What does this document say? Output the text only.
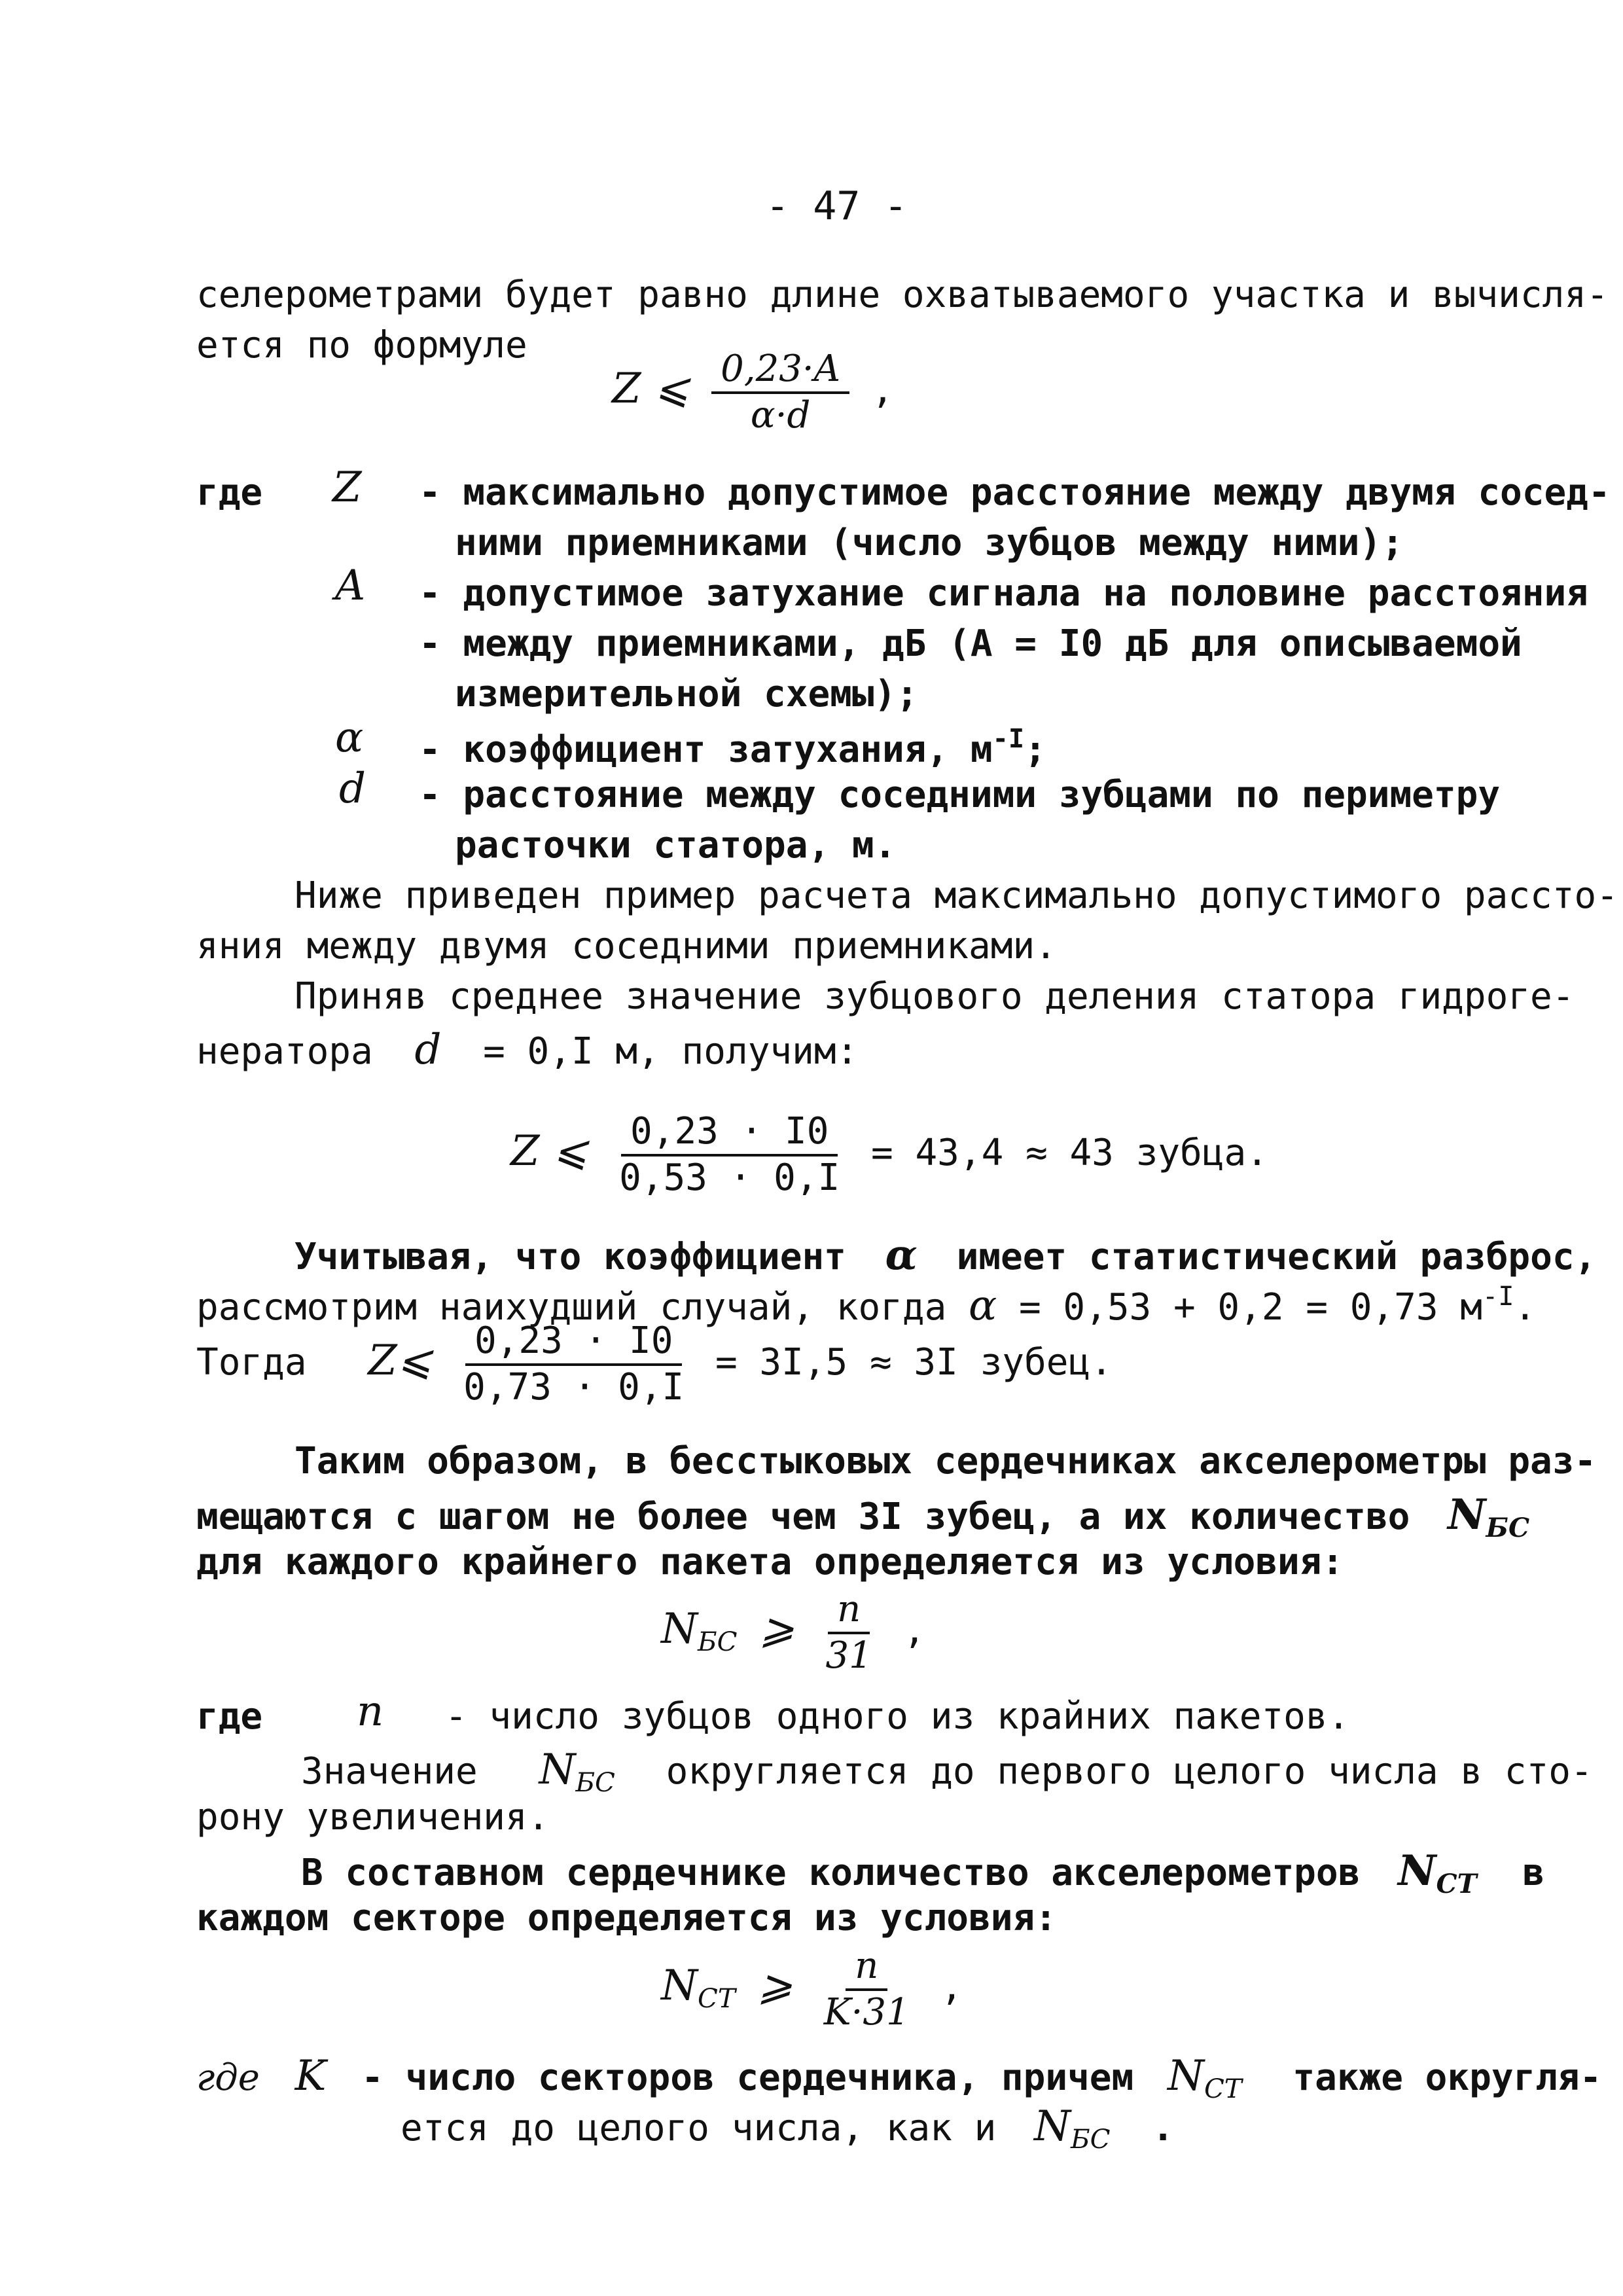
- 47 -
селерометрами будет равно длине охватываемого участка и вычисля-
ется по формуле
Z ⩽ $\frac{0,23\cdot A}{\alpha\cdot d}$ ,
где Z - максимально допустимое расстояние между двумя сосед-
ними приемниками (число зубцов между ними);
A - допустимое затухание сигнала на половине расстояния
- между приемниками, дБ (A = I0 дБ для описываемой
измерительной схемы);
α - коэффициент затухания, $м^{-I}$;
d - расстояние между соседними зубцами по периметру
расточки статора, м.
Ниже приведен пример расчета максимально допустимого рассто-
яния между двумя соседними приемниками.
Приняв среднее значение зубцового деления статора гидроге-
нератора d = 0,I м, получим:
Z ⩽ $\frac{0,23 \cdot I0}{0,53 \cdot 0,I} = 43,4 \approx 43$ зубца.
Учитывая, что коэффициент α имеет статистический разброс,
рассмотрим наихудший случай, когда α = 0,53 + 0,2 = 0,73 $м^{-I}$.
Тогда Z⩽ $\frac{0,23 \cdot I0}{0,73 \cdot 0,I} = 3I,5 \approx 3I$ зубец.
Таким образом, в бесстыковых сердечниках акселерометры раз-
мещаются с шагом не более чем 3I зубец, а их количество $N_{БС}$
для каждого крайнего пакета определяется из условия:
$N_{БС}$ ⩾ $\frac{n}{31}$ ,
где n - число зубцов одного из крайних пакетов.
Значение $N_{БС}$ округляется до первого целого числа в сто-
рону увеличения.
В составном сердечнике количество акселерометров $N_{СТ}$ в
каждом секторе определяется из условия:
$N_{СТ}$ ⩾ $\frac{n}{K\cdot 31}$ ,
где K - число секторов сердечника, причем $N_{СТ}$ также округля-
ется до целого числа, как и $N_{БС}$ .
